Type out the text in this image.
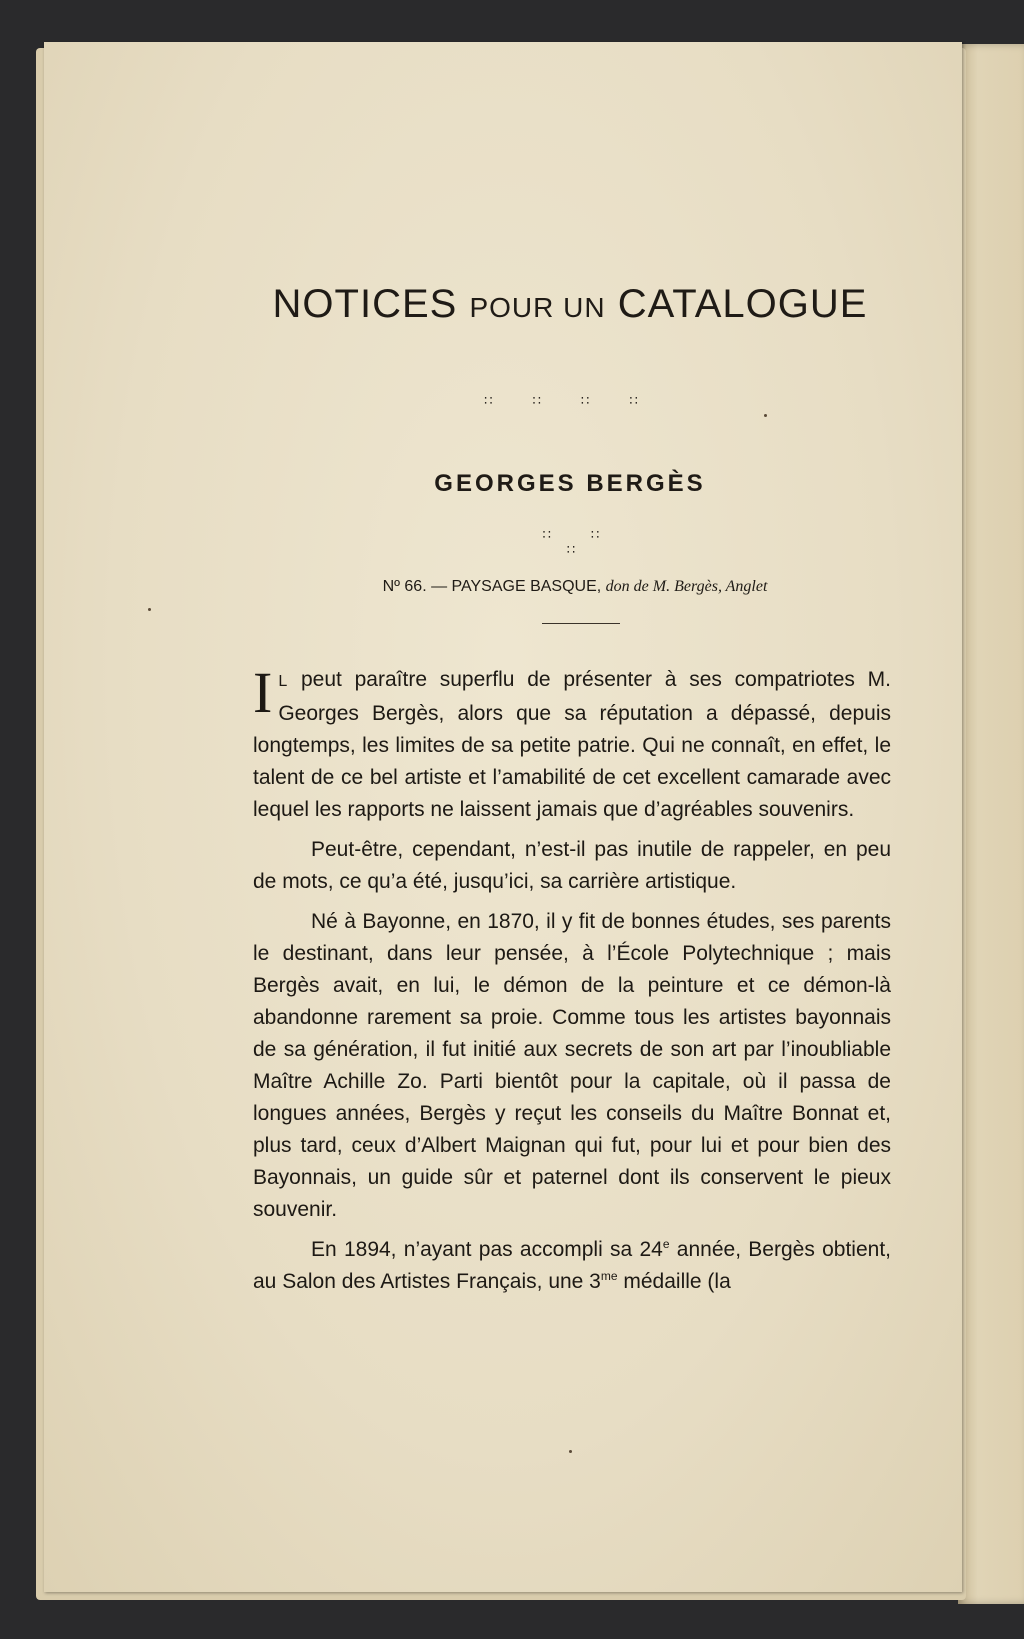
NOTICES POUR UN CATALOGUE
∷ ∷ ∷ ∷
GEORGES BERGÈS
∷ ∷ ∷
Nº 66. — PAYSAGE BASQUE, don de M. Bergès, Anglet

I L peut paraître superflu de présenter à ses compatriotes M. Georges Bergès, alors que sa réputation a dépassé, depuis longtemps, les limites de sa petite patrie. Qui ne connaît, en effet, le talent de ce bel artiste et l’amabilité de cet excellent camarade avec lequel les rapports ne laissent jamais que d’agréables souvenirs.

Peut-être, cependant, n’est-il pas inutile de rappeler, en peu de mots, ce qu’a été, jusqu’ici, sa carrière artistique.

Né à Bayonne, en 1870, il y fit de bonnes études, ses parents le destinant, dans leur pensée, à l’École Polytechnique ; mais Bergès avait, en lui, le démon de la peinture et ce démon-là abandonne rarement sa proie. Comme tous les artistes bayonnais de sa génération, il fut initié aux secrets de son art par l’inoubliable Maître Achille Zo. Parti bientôt pour la capitale, où il passa de longues années, Bergès y reçut les conseils du Maître Bonnat et, plus tard, ceux d’Albert Maignan qui fut, pour lui et pour bien des Bayonnais, un guide sûr et paternel dont ils conservent le pieux souvenir.

En 1894, n’ayant pas accompli sa 24e année, Bergès obtient, au Salon des Artistes Français, une $3^{me}$ médaille (la
